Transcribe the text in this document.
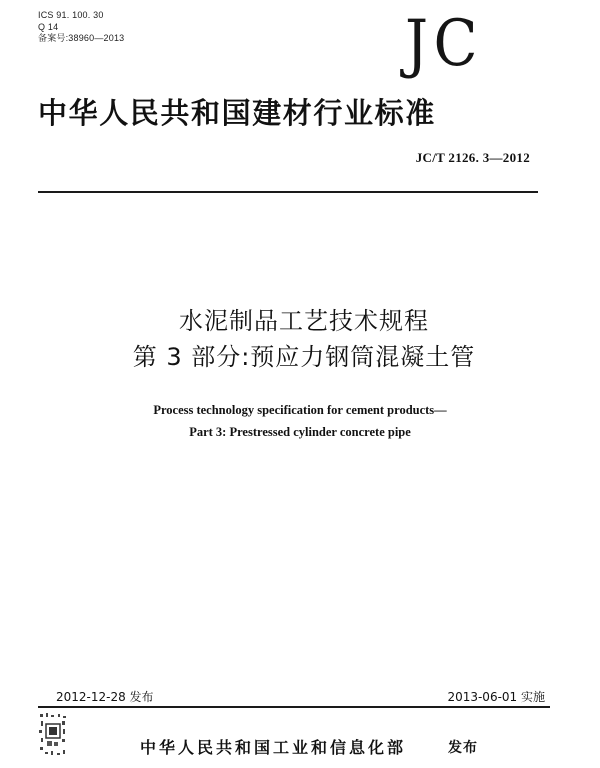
ICS 91. 100. 30
Q 14
备案号:38960—2013	JC
中华人民共和国建材行业标准
JC/T 2126. 3—2012
水泥制品工艺技术规程
第 3 部分:预应力钢筒混凝土管
Process technology specification for cement products—
Part 3: Prestressed cylinder concrete pipe
2012-12-28 发布	2013-06-01 实施
中华人民共和国工业和信息化部	发布
